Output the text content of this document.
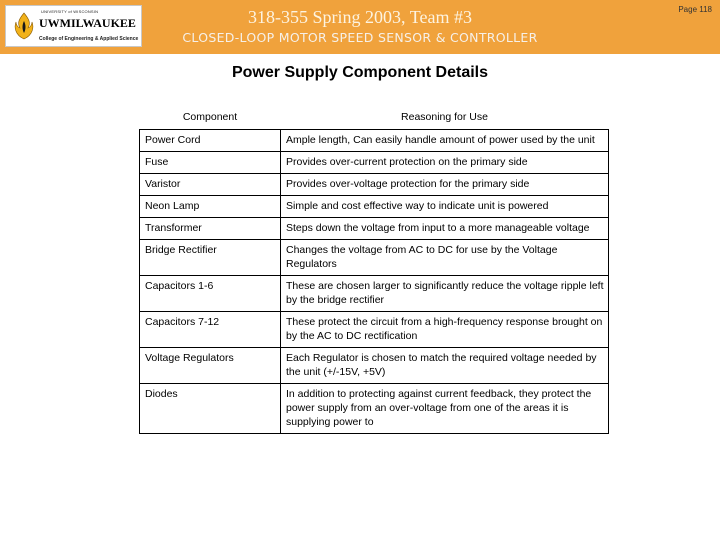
UNIVERSITY of WISCONSIN
UWMILWAUKEE
College of Engineering & Applied Science
318-355 Spring 2003, Team #3
CLOSED-LOOP MOTOR SPEED SENSOR & CONTROLLER
Page 118
Power Supply Component Details
Component	Reasoning for Use
Power Cord	Ample length, Can easily handle amount of power used by the unit
Fuse	Provides over-current protection on the primary side
Varistor	Provides over-voltage protection for the primary side
Neon Lamp	Simple and cost effective way to indicate unit is powered
Transformer	Steps down the voltage from input to a more manageable voltage
Bridge Rectifier	Changes the voltage from AC to DC for use by the Voltage Regulators
Capacitors 1-6	These are chosen larger to significantly reduce the voltage ripple left by the bridge rectifier
Capacitors 7-12	These protect the circuit from a high-frequency response brought on by the AC to DC rectification
Voltage Regulators	Each Regulator is chosen to match the required voltage needed by the unit (+/-15V, +5V)
Diodes	In addition to protecting against current feedback, they protect the power supply from an over-voltage from one of the areas it is supplying power to
